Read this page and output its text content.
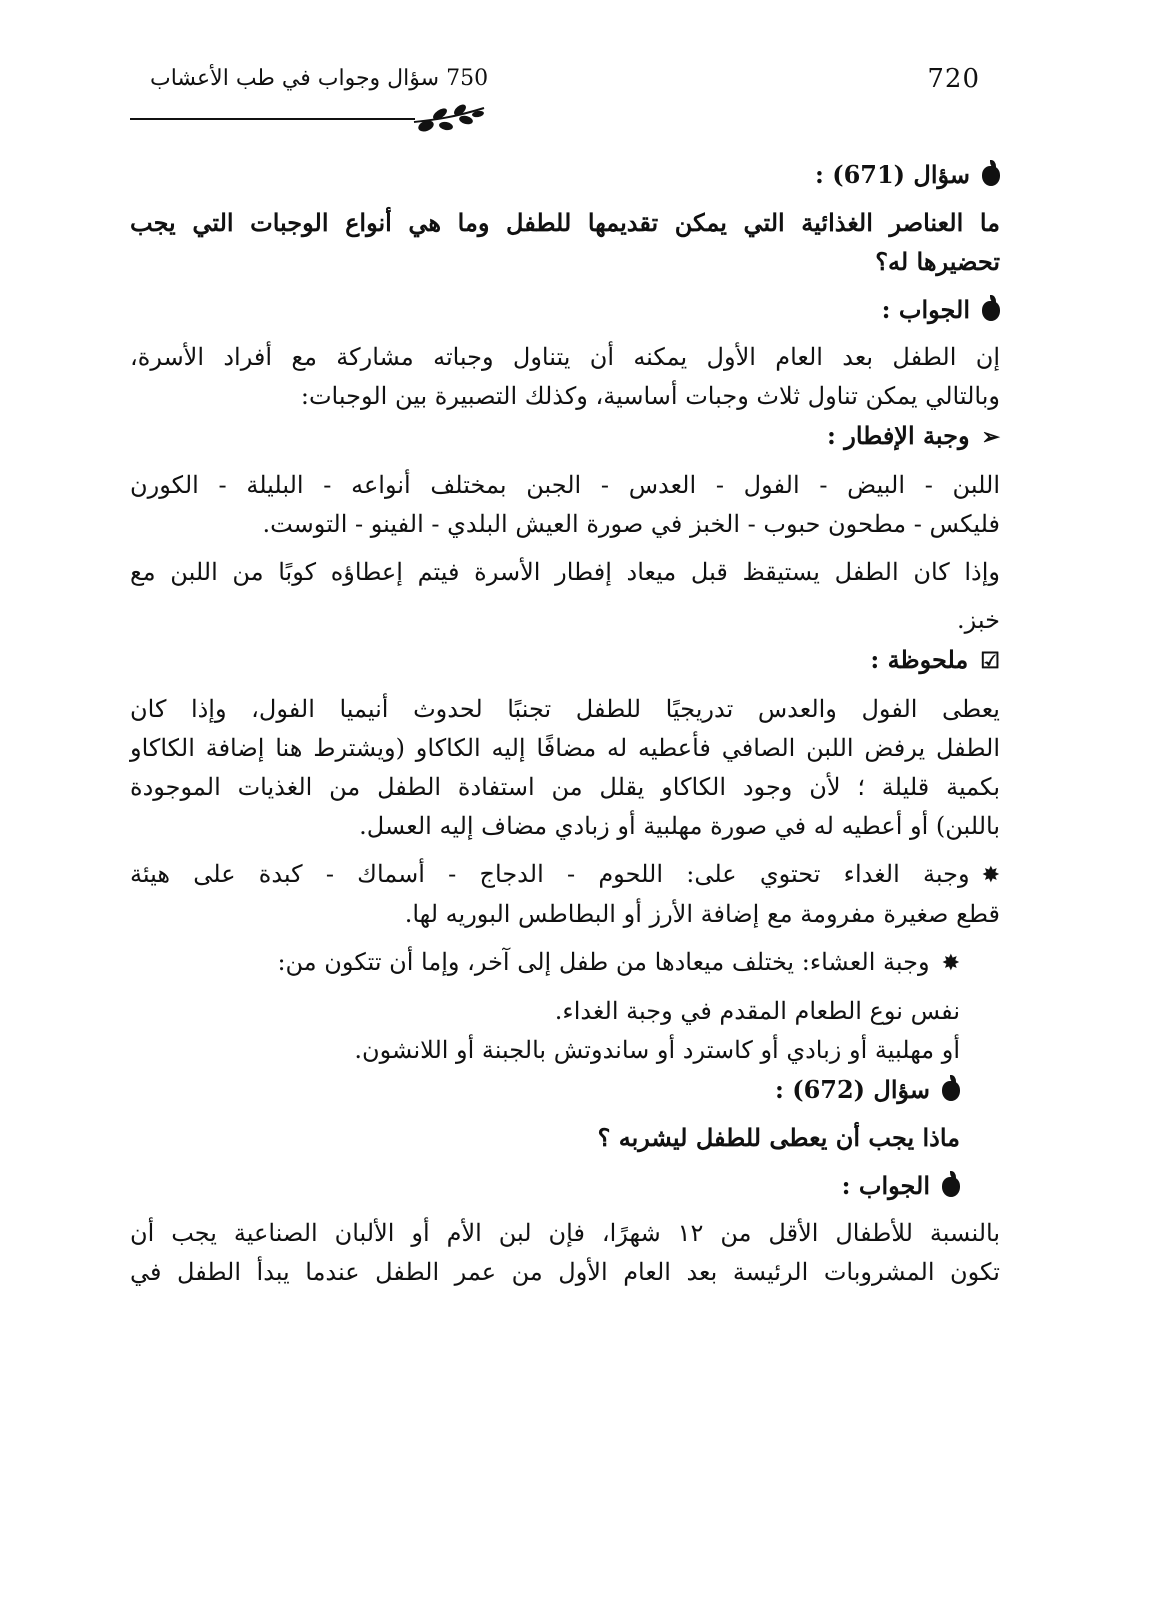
720
750 سؤال وجواب في طب الأعشاب

سؤال (671) :

ما العناصر الغذائية التي يمكن تقديمها للطفل وما هي أنواع الوجبات التي يجب

تحضيرها له؟

الجواب :

إن الطفل بعد العام الأول يمكنه أن يتناول وجباته مشاركة مع أفراد الأسرة،

وبالتالي يمكن تناول ثلاث وجبات أساسية، وكذلك التصبيرة بين الوجبات:

➢وجبة الإفطار :

اللبن - البيض - الفول - العدس - الجبن بمختلف أنواعه - البليلة - الكورن

فليكس - مطحون حبوب - الخبز في صورة العيش البلدي - الفينو - التوست.

وإذا كان الطفل يستيقظ قبل ميعاد إفطار الأسرة فيتم إعطاؤه كوبًا من اللبن مع

خبز.

☑ملحوظة :

يعطى الفول والعدس تدريجيًا للطفل تجنبًا لحدوث أنيميا الفول، وإذا كان

الطفل يرفض اللبن الصافي فأعطيه له مضافًا إليه الكاكاو (ويشترط هنا إضافة الكاكاو

بكمية قليلة ؛ لأن وجود الكاكاو يقلل من استفادة الطفل من الغذيات الموجودة

باللبن) أو أعطيه له في صورة مهلبية أو زبادي مضاف إليه العسل.

✸وجبة الغداء تحتوي على: اللحوم - الدجاج - أسماك - كبدة على هيئة

قطع صغيرة مفرومة مع إضافة الأرز أو البطاطس البوريه لها.

✸وجبة العشاء: يختلف ميعادها من طفل إلى آخر، وإما أن تتكون من:

نفس نوع الطعام المقدم في وجبة الغداء.

أو مهلبية أو زبادي أو كاسترد أو ساندوتش بالجبنة أو اللانشون.

سؤال (672) :

ماذا يجب أن يعطى للطفل ليشربه ؟

الجواب :

بالنسبة للأطفال الأقل من ١٢ شهرًا، فإن لبن الأم أو الألبان الصناعية يجب أن

تكون المشروبات الرئيسة بعد العام الأول من عمر الطفل عندما يبدأ الطفل في
